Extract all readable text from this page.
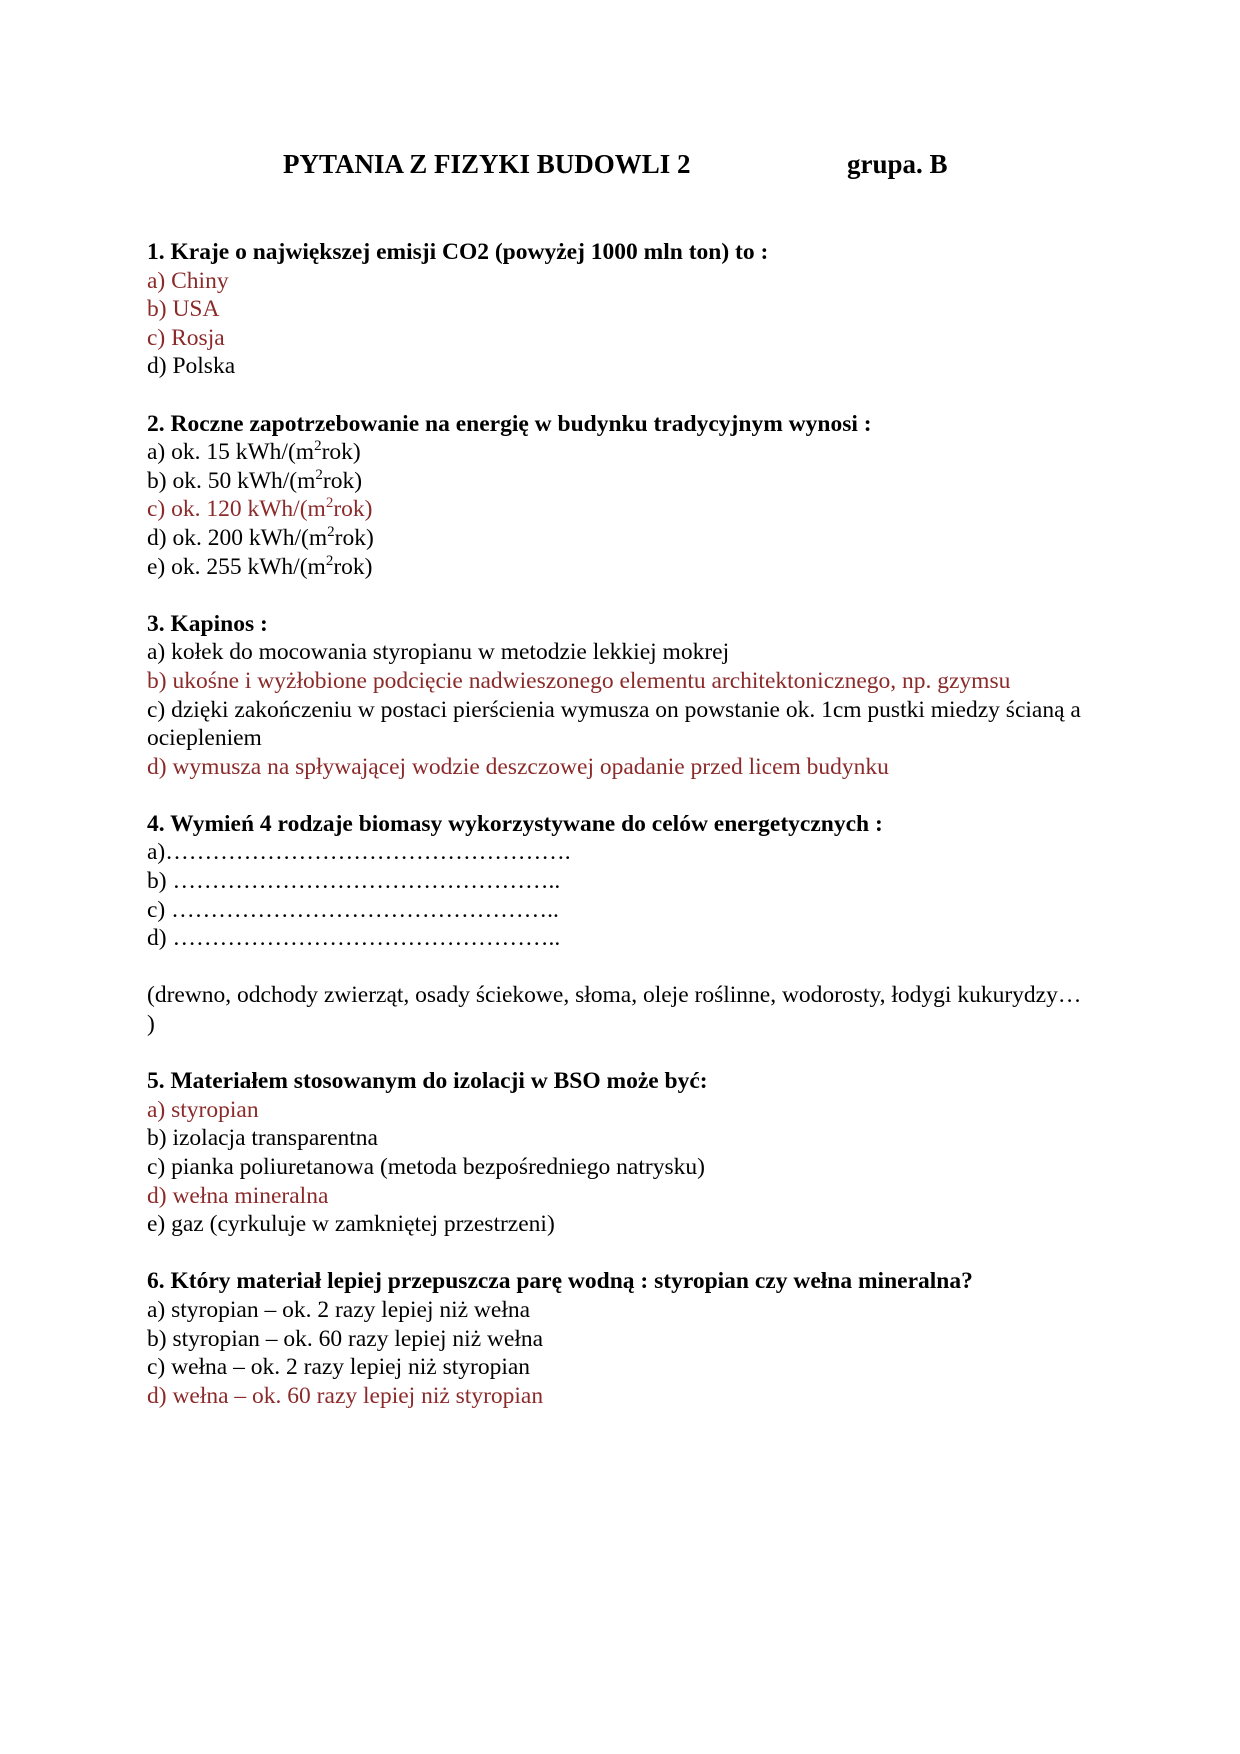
PYTANIA Z FIZYKI BUDOWLI 2	grupa. B
1. Kraje o największej emisji CO2 (powyżej 1000 mln ton) to :
a) Chiny
b) USA
c) Rosja
d) Polska
2. Roczne zapotrzebowanie na energię w budynku tradycyjnym wynosi :
a) ok. 15 kWh/$(m^2rok)$
b) ok. 50 kWh/$(m^2rok)$
c) ok. 120 kWh/$(m^2rok)$
d) ok. 200 kWh/$(m^2rok)$
e) ok. 255 kWh/$(m^2rok)$
3. Kapinos :
a) kołek do mocowania styropianu w metodzie lekkiej mokrej
b) ukośne i wyżłobione podcięcie nadwieszonego elementu architektonicznego, np. gzymsu
c) dzięki zakończeniu w postaci pierścienia wymusza on powstanie ok. 1cm pustki miedzy ścianą a ociepleniem
d) wymusza na spływającej wodzie deszczowej opadanie przed licem budynku
4. Wymień 4 rodzaje biomasy wykorzystywane do celów energetycznych :
a)…………………………………………….
b) …………………………………………..
c) …………………………………………..
d) …………………………………………..
(drewno, odchody zwierząt, osady ściekowe, słoma, oleje roślinne, wodorosty, łodygi kukurydzy… )
5. Materiałem stosowanym do izolacji w BSO może być:
a) styropian
b) izolacja transparentna
c) pianka poliuretanowa (metoda bezpośredniego natrysku)
d) wełna mineralna
e) gaz (cyrkuluje w zamkniętej przestrzeni)
6. Który materiał lepiej przepuszcza parę wodną : styropian czy wełna mineralna?
a) styropian – ok. 2 razy lepiej niż wełna
b) styropian – ok. 60 razy lepiej niż wełna
c) wełna – ok. 2 razy lepiej niż styropian
d) wełna – ok. 60 razy lepiej niż styropian
